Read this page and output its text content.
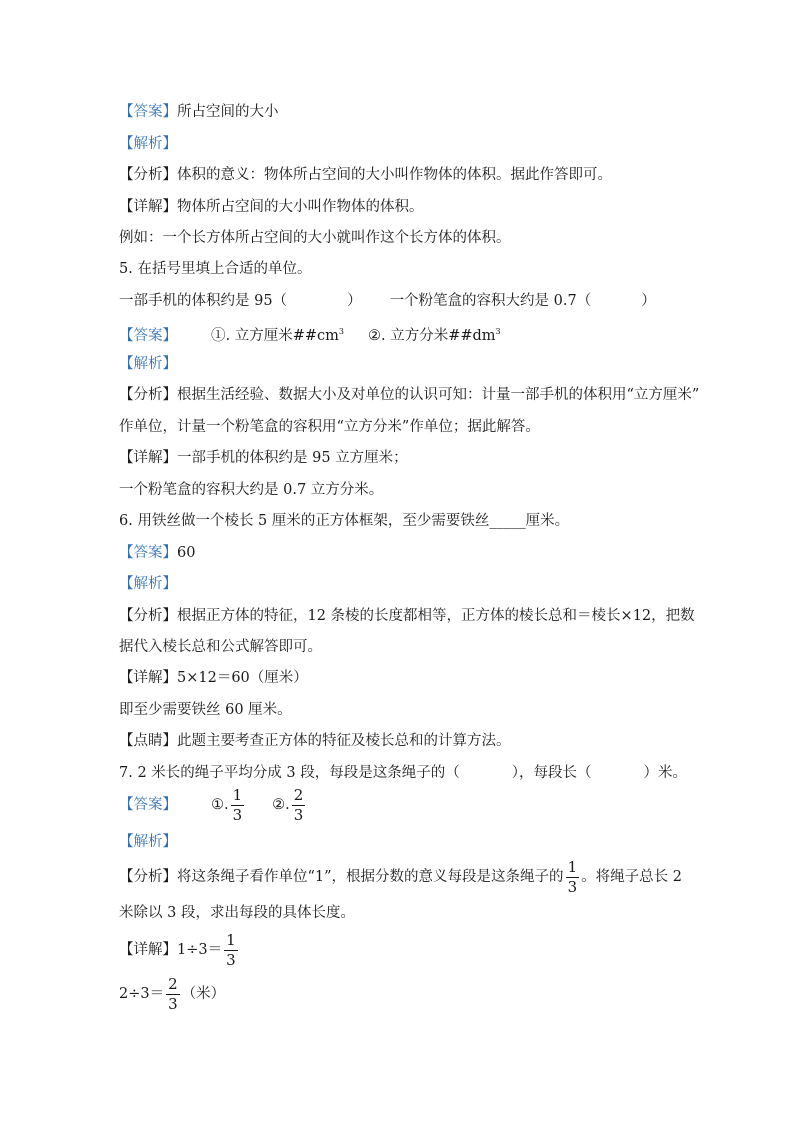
【答案】所占空间的大小
【解析】
【分析】体积的意义：物体所占空间的大小叫作物体的体积。据此作答即可。
【详解】物体所占空间的大小叫作物体的体积。
例如：一个长方体所占空间的大小就叫作这个长方体的体积。
5. 在括号里填上合适的单位。
一部手机的体积约是 95（	） 一个粉笔盒的容积大约是 0.7（	）
【答案】 ①. 立方厘米$\#\#cm^3$ ②. 立方分米$\#\#dm^3$
【解析】
【分析】根据生活经验、数据大小及对单位的认识可知：计量一部手机的体积用“立方厘米”
作单位，计量一个粉笔盒的容积用“立方分米”作单位；据此解答。
【详解】一部手机的体积约是 95 立方厘米；
一个粉笔盒的容积大约是 0.7 立方分米。
6. 用铁丝做一个棱长 5 厘米的正方体框架，至少需要铁丝_____厘米。
【答案】60
【解析】
【分析】根据正方体的特征，12 条棱的长度都相等，正方体的棱长总和＝棱长×12，把数
据代入棱长总和公式解答即可。
【详解】5×12＝60（厘米）
即至少需要铁丝 60 厘米。
【点睛】此题主要考查正方体的特征及棱长总和的计算方法。
7. 2 米长的绳子平均分成 3 段，每段是这条绳子的（	），每段长（	）米。
【答案】 ①. $\frac{1}{3}$ ②. $\frac{2}{3}$
【解析】
【分析】将这条绳子看作单位“1”，根据分数的意义每段是这条绳子的 $\frac{1}{3}$ 。将绳子总长 2
米除以 3 段，求出每段的具体长度。
【详解】$1\div 3= \frac{1}{3}$
$2\div 3= \frac{2}{3}$ （米）
